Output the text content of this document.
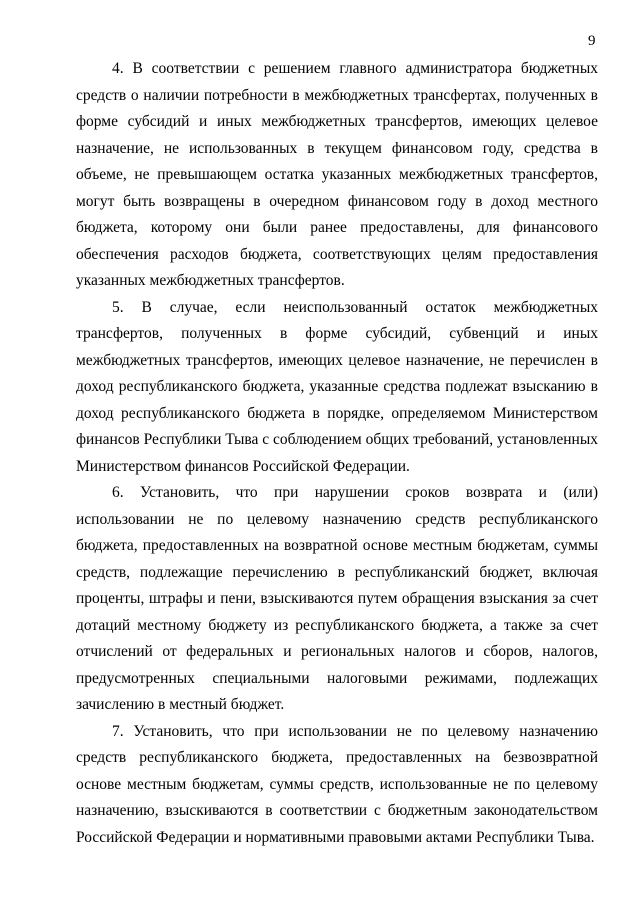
9

4. В соответствии с решением главного администратора бюджетных средств о наличии потребности в межбюджетных трансфертах, полученных в форме субсидий и иных межбюджетных трансфертов, имеющих целевое назначение, не использованных в текущем финансовом году, средства в объеме, не превышающем остатка указанных межбюджетных трансфертов, могут быть возвращены в очередном финансовом году в доход местного бюджета, которому они были ранее предоставлены, для финансового обеспечения расходов бюджета, соответствующих целям предоставления указанных межбюджетных трансфертов.

5. В случае, если неиспользованный остаток межбюджетных трансфертов, полученных в форме субсидий, субвенций и иных межбюджетных трансфертов, имеющих целевое назначение, не перечислен в доход республиканского бюджета, указанные средства подлежат взысканию в доход республиканского бюджета в порядке, определяемом Министерством финансов Республики Тыва с соблюдением общих требований, установленных Министерством финансов Российской Федерации.

6. Установить, что при нарушении сроков возврата и (или) использовании не по целевому назначению средств республиканского бюджета, предоставленных на возвратной основе местным бюджетам, суммы средств, подлежащие перечислению в республиканский бюджет, включая проценты, штрафы и пени, взыскиваются путем обращения взыскания за счет дотаций местному бюджету из республиканского бюджета, а также за счет отчислений от федеральных и региональных налогов и сборов, налогов, предусмотренных специальными налоговыми режимами, подлежащих зачислению в местный бюджет.

7. Установить, что при использовании не по целевому назначению средств республиканского бюджета, предоставленных на безвозвратной основе местным бюджетам, суммы средств, использованные не по целевому назначению, взыскиваются в соответствии с бюджетным законодательством Российской Федерации и нормативными правовыми актами Республики Тыва.
